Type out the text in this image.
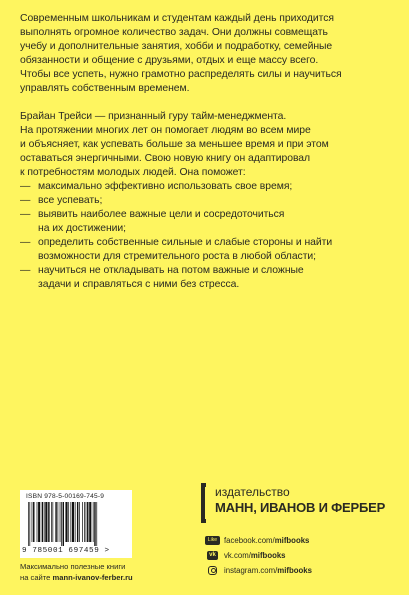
Современным школьникам и студентам каждый день приходится
выполнять огромное количество задач. Они должны совмещать
учебу и дополнительные занятия, хобби и подработку, семейные
обязанности и общение с друзьями, отдых и еще массу всего.
Чтобы все успеть, нужно грамотно распределять силы и научиться
управлять собственным временем.

Брайан Трейси — признанный гуру тайм-менеджмента.
На протяжении многих лет он помогает людям во всем мире
и объясняет, как успевать больше за меньшее время и при этом
оставаться энергичными. Свою новую книгу он адаптировал
к потребностям молодых людей. Она поможет:

— максимально эффективно использовать свое время;
— все успевать;
— выявить наиболее важные цели и сосредоточиться
на их достижении;
— определить собственные сильные и слабые стороны и найти
возможности для стремительного роста в любой области;
— научиться не откладывать на потом важные и сложные
задачи и справляться с ними без стресса.
ISBN 978-5-00169-745-9
9 785001 697459 >
Максимально полезные книги
на сайте mann-ivanov-ferber.ru
издательство
МАНН, ИВАНОВ И ФЕРБЕР
Like facebook.com/mifbooks
vk vk.com/mifbooks
instagram.com/mifbooks
